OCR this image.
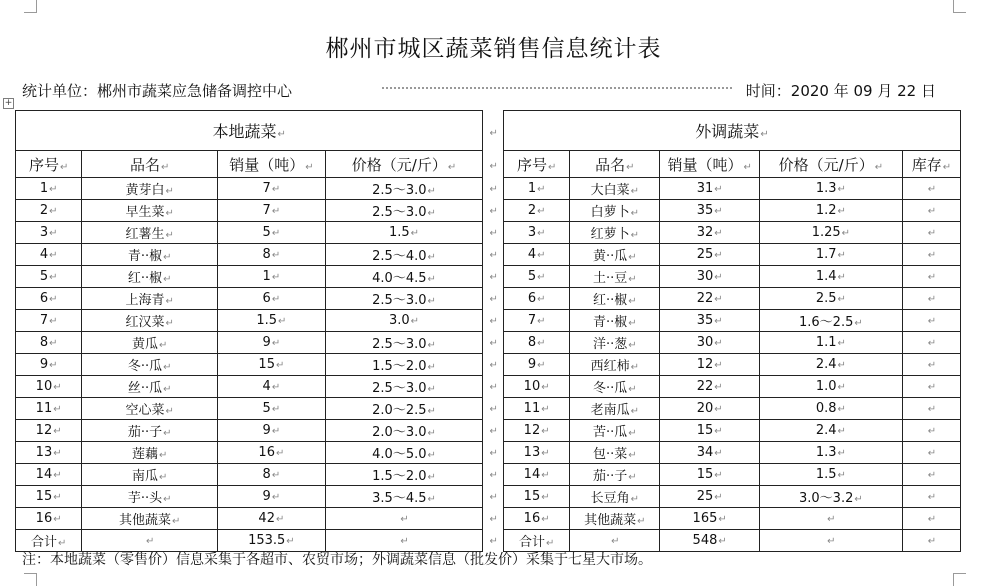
+
郴州市城区蔬菜销售信息统计表
统计单位：郴州市蔬菜应急储备调控中心	时间：2020 年 09 月 22 日
本地蔬菜↵				↵	外调蔬菜↵				
序号↵	品名↵	销量（吨）↵	价格（元/斤）↵	↵	序号↵	品名↵	销量（吨）↵	价格（元/斤）↵	库存↵
1↵	黄芽白↵	7↵	2.5～3.0↵	↵	1↵	大白菜↵	31↵	1.3↵	↵
2↵	早生菜↵	7↵	2.5～3.0↵	↵	2↵	白萝卜↵	35↵	1.2↵	↵
3↵	红薯生↵	5↵	1.5↵	↵	3↵	红萝卜↵	32↵	1.25↵	↵
4↵	青··椒↵	8↵	2.5～4.0↵	↵	4↵	黄··瓜↵	25↵	1.7↵	↵
5↵	红··椒↵	1↵	4.0～4.5↵	↵	5↵	土··豆↵	30↵	1.4↵	↵
6↵	上海青↵	6↵	2.5～3.0↵	↵	6↵	红··椒↵	22↵	2.5↵	↵
7↵	红汉菜↵	1.5↵	3.0↵	↵	7↵	青··椒↵	35↵	1.6～2.5↵	↵
8↵	黄瓜↵	9↵	2.5～3.0↵	↵	8↵	洋··葱↵	30↵	1.1↵	↵
9↵	冬··瓜↵	15↵	1.5～2.0↵	↵	9↵	西红柿↵	12↵	2.4↵	↵
10↵	丝··瓜↵	4↵	2.5～3.0↵	↵	10↵	冬··瓜↵	22↵	1.0↵	↵
11↵	空心菜↵	5↵	2.0～2.5↵	↵	11↵	老南瓜↵	20↵	0.8↵	↵
12↵	茄··子↵	9↵	2.0～3.0↵	↵	12↵	苦··瓜↵	15↵	2.4↵	↵
13↵	莲藕↵	16↵	4.0～5.0↵	↵	13↵	包··菜↵	34↵	1.3↵	↵
14↵	南瓜↵	8↵	1.5～2.0↵	↵	14↵	茄··子↵	15↵	1.5↵	↵
15↵	芋··头↵	9↵	3.5～4.5↵	↵	15↵	长豆角↵	25↵	3.0～3.2↵	↵
16↵	其他蔬菜↵	42↵	↵	↵	16↵	其他蔬菜↵	165↵	↵	↵
合计↵	↵	153.5↵	↵	↵	合计↵	↵	548↵	↵	↵
注：本地蔬菜（零售价）信息采集于各超市、农贸市场；外调蔬菜信息（批发价）采集于七星大市场。
